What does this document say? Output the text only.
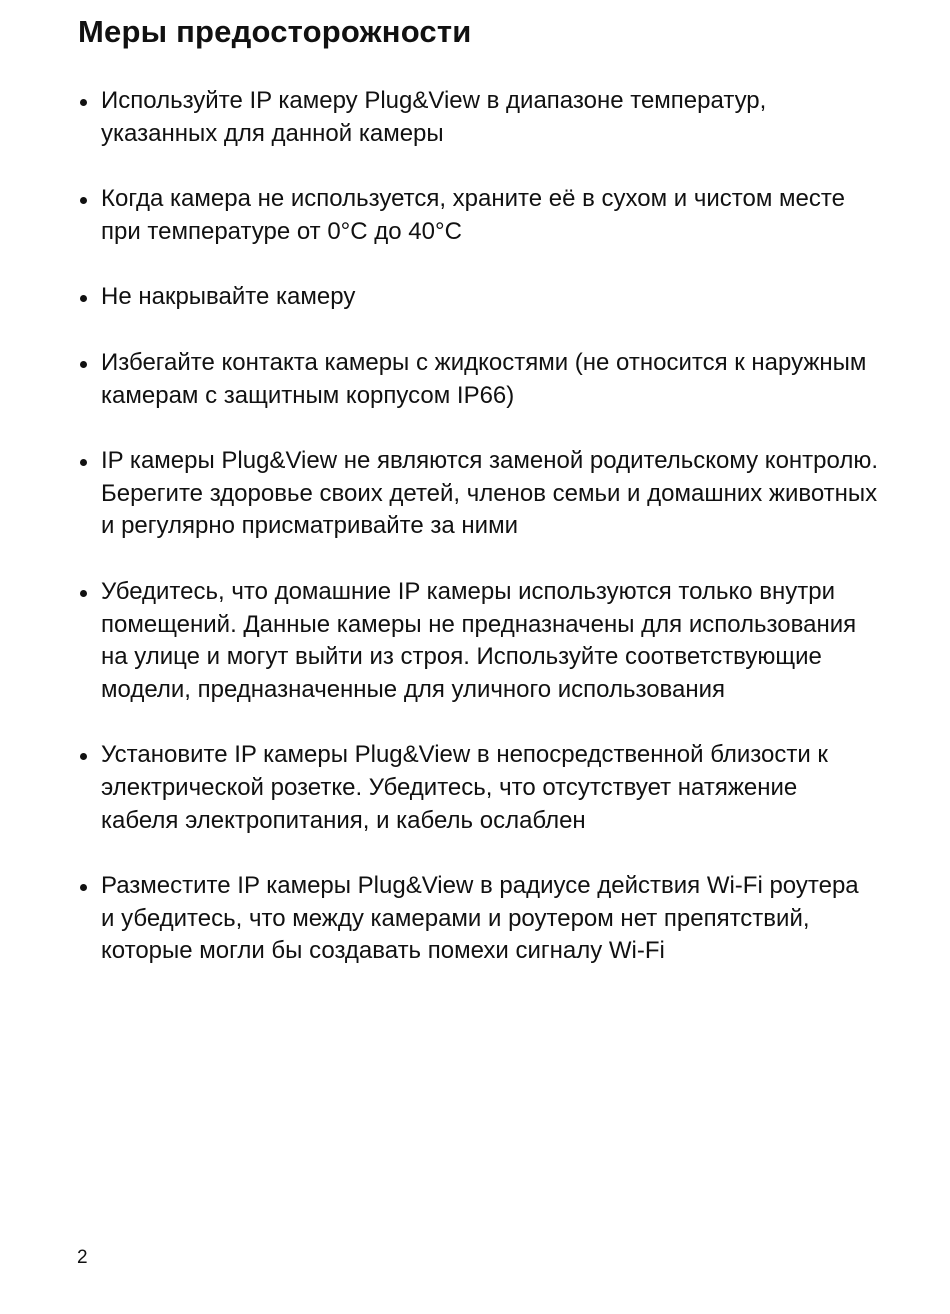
Меры предосторожности
Используйте IP камеру Plug&View в диапазоне температур, указанных для данной камеры
Когда камера не используется, храните её в сухом и чистом месте при температуре от 0°C до 40°C
Не накрывайте камеру
Избегайте контакта камеры с жидкостями (не относится к наружным камерам с защитным корпусом IP66)
IP камеры Plug&View не являются заменой родительскому контролю. Берегите здоровье своих детей, членов семьи и домашних животных и регулярно присматривайте за ними
Убедитесь, что домашние IP камеры используются только внутри помещений. Данные камеры не предназначены для использования на улице и могут выйти из строя. Используйте соответствующие модели, предназначенные для уличного использования
Установите IP камеры Plug&View в непосредственной близости к электрической розетке. Убедитесь, что отсутствует натяжение кабеля электропитания, и кабель ослаблен
Разместите IP камеры Plug&View в радиусе действия Wi-Fi роутера и убедитесь, что между камерами и роутером нет препятствий, которые могли бы создавать помехи сигналу Wi-Fi
2
